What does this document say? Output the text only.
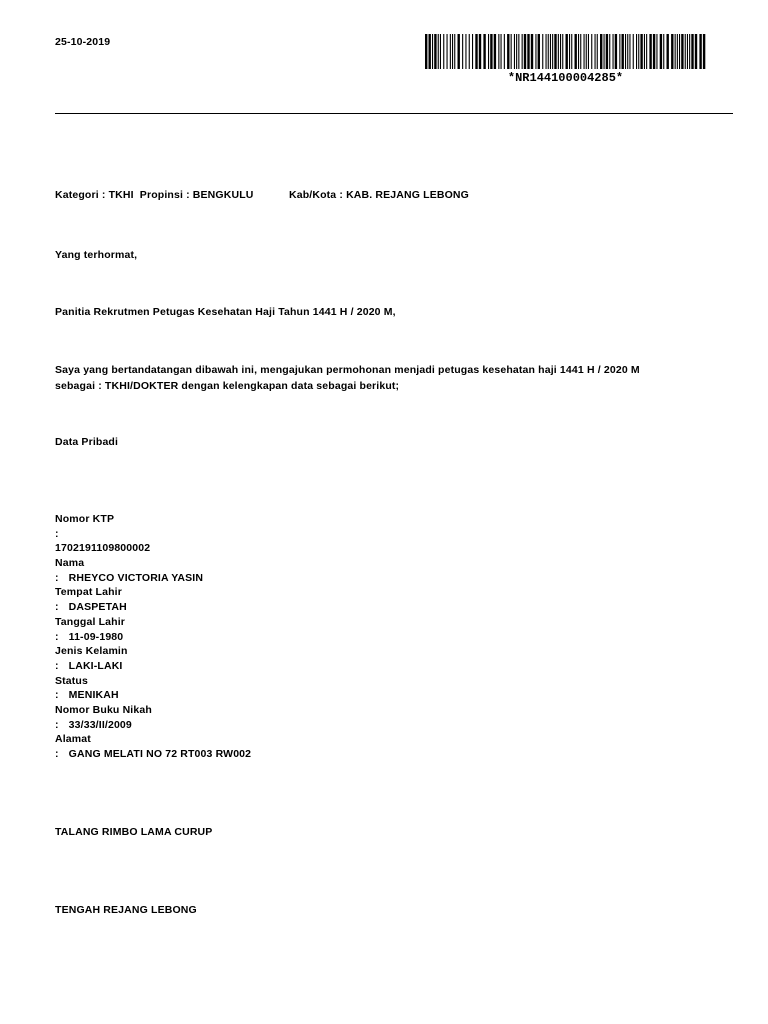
25-10-2019
*NR144100004285*
Kategori : TKHI  Propinsi : BENGKULU	Kab/Kota : KAB. REJANG LEBONG
Yang terhormat,
Panitia Rekrutmen Petugas Kesehatan Haji Tahun 1441 H / 2020 M,
Saya yang bertandatangan dibawah ini, mengajukan permohonan menjadi petugas kesehatan haji 1441 H / 2020 M
sebagai : TKHI/DOKTER dengan kelengkapan data sebagai berikut;
Data Pribadi
Nomor KTP
:
1702191109800002
Nama
: RHEYCO VICTORIA YASIN
Tempat Lahir
: DASPETAH
Tanggal Lahir
: 11-09-1980
Jenis Kelamin
: LAKI-LAKI
Status
: MENIKAH
Nomor Buku Nikah
: 33/33/II/2009
Alamat
: GANG MELATI NO 72 RT003 RW002
TALANG RIMBO LAMA CURUP
TENGAH REJANG LEBONG
